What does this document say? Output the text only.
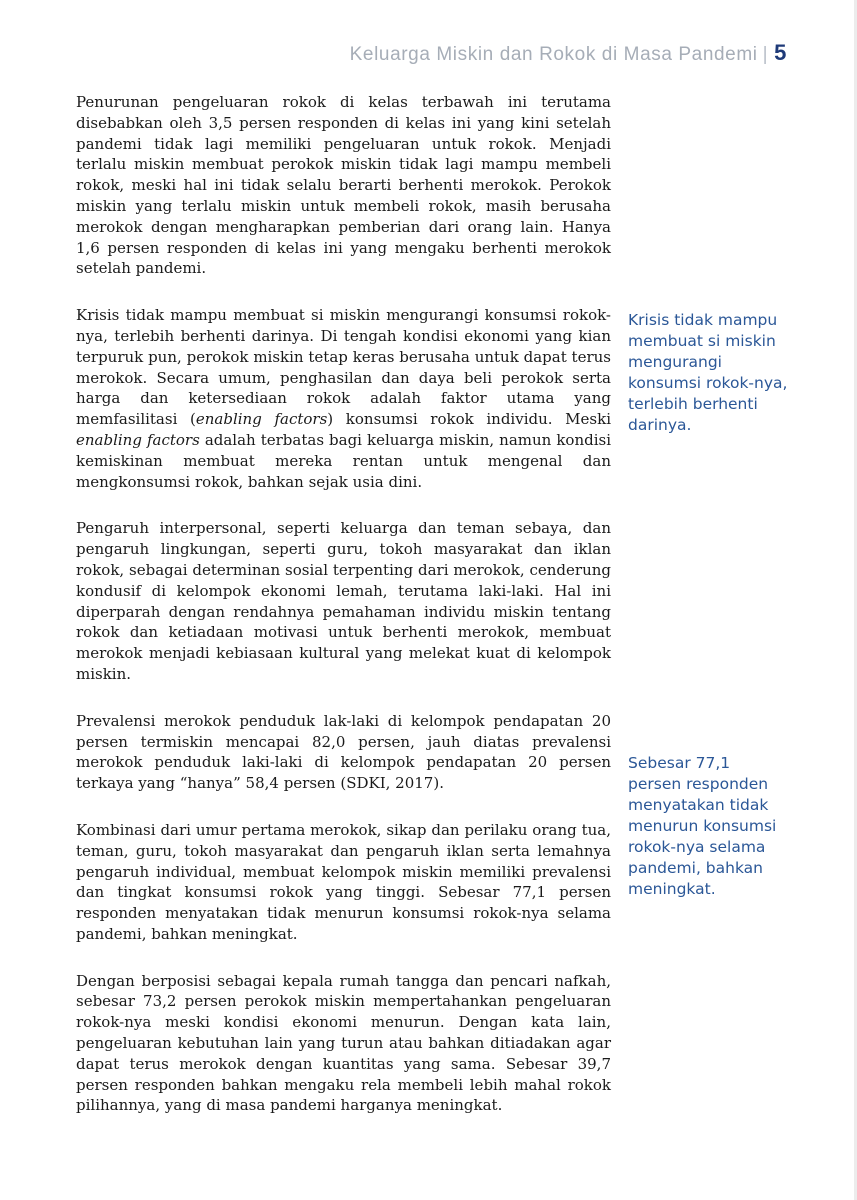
Keluarga Miskin dan Rokok di Masa Pandemi | 5

Penurunan pengeluaran rokok di kelas terbawah ini terutama disebabkan oleh 3,5 persen responden di kelas ini yang kini setelah pandemi tidak lagi memiliki pengeluaran untuk rokok. Menjadi terlalu miskin membuat perokok miskin tidak lagi mampu membeli rokok, meski hal ini tidak selalu berarti berhenti merokok. Perokok miskin yang terlalu miskin untuk membeli rokok, masih berusaha merokok dengan mengharapkan pemberian dari orang lain. Hanya 1,6 persen responden di kelas ini yang mengaku berhenti merokok setelah pandemi.

Krisis tidak mampu membuat si miskin mengurangi konsumsi rokok-nya, terlebih berhenti darinya. Di tengah kondisi ekonomi yang kian terpuruk pun, perokok miskin tetap keras berusaha untuk dapat terus merokok. Secara umum, penghasilan dan daya beli perokok serta harga dan ketersediaan rokok adalah faktor utama yang memfasilitasi (enabling factors) konsumsi rokok individu. Meski enabling factors adalah terbatas bagi keluarga miskin, namun kondisi kemiskinan membuat mereka rentan untuk mengenal dan mengkonsumsi rokok, bahkan sejak usia dini.

Pengaruh interpersonal, seperti keluarga dan teman sebaya, dan pengaruh lingkungan, seperti guru, tokoh masyarakat dan iklan rokok, sebagai determinan sosial terpenting dari merokok, cenderung kondusif di kelompok ekonomi lemah, terutama laki-laki. Hal ini diperparah dengan rendahnya pemahaman individu miskin tentang rokok dan ketiadaan motivasi untuk berhenti merokok, membuat merokok menjadi kebiasaan kultural yang melekat kuat di kelompok miskin.

Prevalensi merokok penduduk lak-laki di kelompok pendapatan 20 persen termiskin mencapai 82,0 persen, jauh diatas prevalensi merokok penduduk laki-laki di kelompok pendapatan 20 persen terkaya yang “hanya” 58,4 persen (SDKI, 2017).

Kombinasi dari umur pertama merokok, sikap dan perilaku orang tua, teman, guru, tokoh masyarakat dan pengaruh iklan serta lemahnya pengaruh individual, membuat kelompok miskin memiliki prevalensi dan tingkat konsumsi rokok yang tinggi. Sebesar 77,1 persen responden menyatakan tidak menurun konsumsi rokok-nya selama pandemi, bahkan meningkat.

Dengan berposisi sebagai kepala rumah tangga dan pencari nafkah, sebesar 73,2 persen perokok miskin mempertahankan pengeluaran rokok-nya meski kondisi ekonomi menurun. Dengan kata lain, pengeluaran kebutuhan lain yang turun atau bahkan ditiadakan agar dapat terus merokok dengan kuantitas yang sama. Sebesar 39,7 persen responden bahkan mengaku rela membeli lebih mahal rokok pilihannya, yang di masa pandemi harganya meningkat.

Krisis tidak mampu membuat si miskin mengurangi konsumsi rokok-nya, terlebih berhenti darinya.
Sebesar 77,1 persen responden menyatakan tidak menurun konsumsi rokok-nya selama pandemi, bahkan meningkat.
